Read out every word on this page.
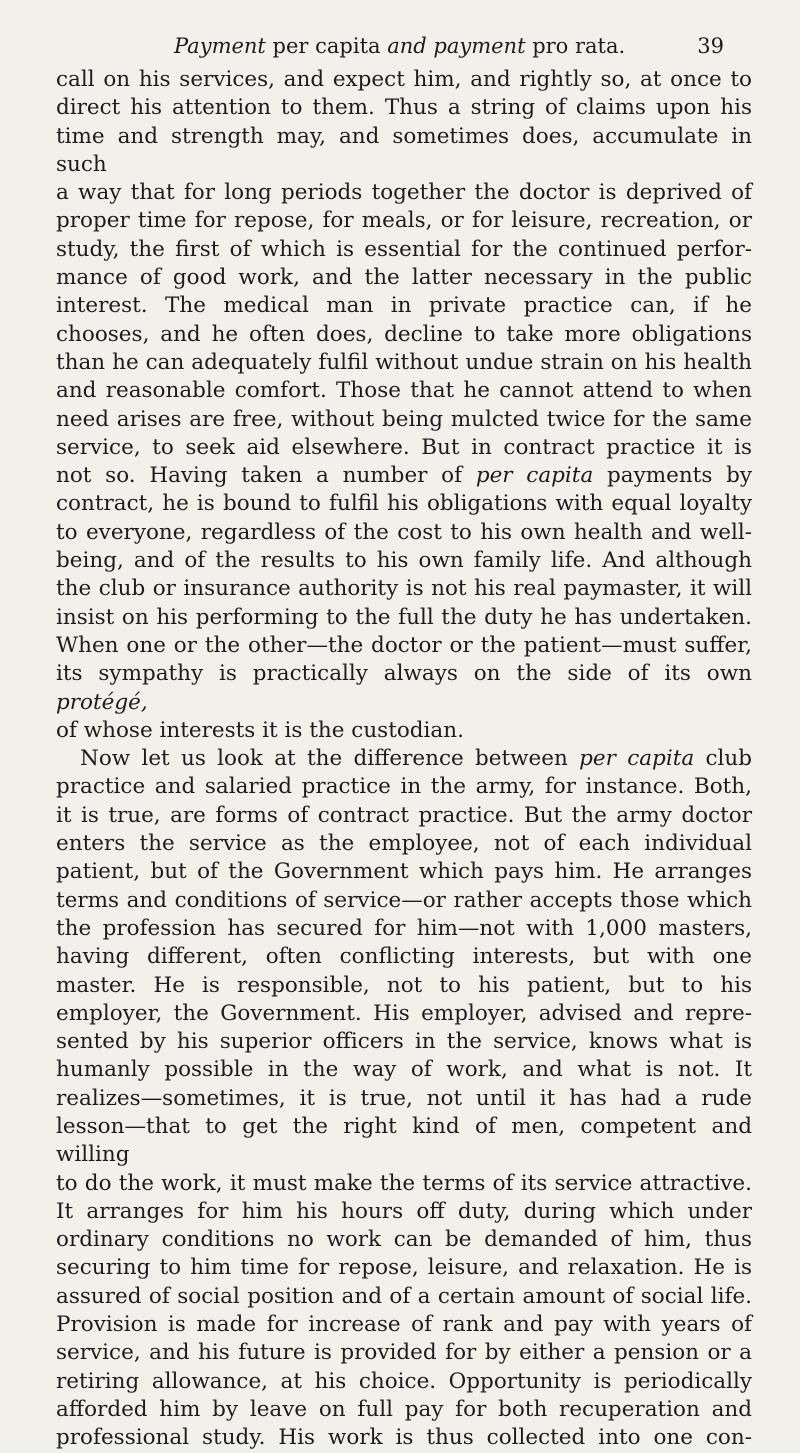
Payment per capita and payment pro rata.	39

call on his services, and expect him, and rightly so, at once to
direct his attention to them. Thus a string of claims upon his
time and strength may, and sometimes does, accumulate in such
a way that for long periods together the doctor is deprived of
proper time for repose, for meals, or for leisure, recreation, or
study, the first of which is essential for the continued perfor-
mance of good work, and the latter necessary in the public
interest. The medical man in private practice can, if he
chooses, and he often does, decline to take more obligations
than he can adequately fulfil without undue strain on his health
and reasonable comfort. Those that he cannot attend to when
need arises are free, without being mulcted twice for the same
service, to seek aid elsewhere. But in contract practice it is
not so. Having taken a number of per capita payments by
contract, he is bound to fulfil his obligations with equal loyalty
to everyone, regardless of the cost to his own health and well-
being, and of the results to his own family life. And although
the club or insurance authority is not his real paymaster, it will
insist on his performing to the full the duty he has undertaken.
When one or the other—the doctor or the patient—must suffer,
its sympathy is practically always on the side of its own protégé,
of whose interests it is the custodian.

Now let us look at the difference between per capita club
practice and salaried practice in the army, for instance. Both,
it is true, are forms of contract practice. But the army doctor
enters the service as the employee, not of each individual
patient, but of the Government which pays him. He arranges
terms and conditions of service—or rather accepts those which
the profession has secured for him—not with 1,000 masters,
having different, often conflicting interests, but with one
master. He is responsible, not to his patient, but to his
employer, the Government. His employer, advised and repre-
sented by his superior officers in the service, knows what is
humanly possible in the way of work, and what is not. It
realizes—sometimes, it is true, not until it has had a rude
lesson—that to get the right kind of men, competent and willing
to do the work, it must make the terms of its service attractive.
It arranges for him his hours off duty, during which under
ordinary conditions no work can be demanded of him, thus
securing to him time for repose, leisure, and relaxation. He is
assured of social position and of a certain amount of social life.
Provision is made for increase of rank and pay with years of
service, and his future is provided for by either a pension or a
retiring allowance, at his choice. Opportunity is periodically
afforded him by leave on full pay for both recuperation and
professional study. His work is thus collected into one con-
